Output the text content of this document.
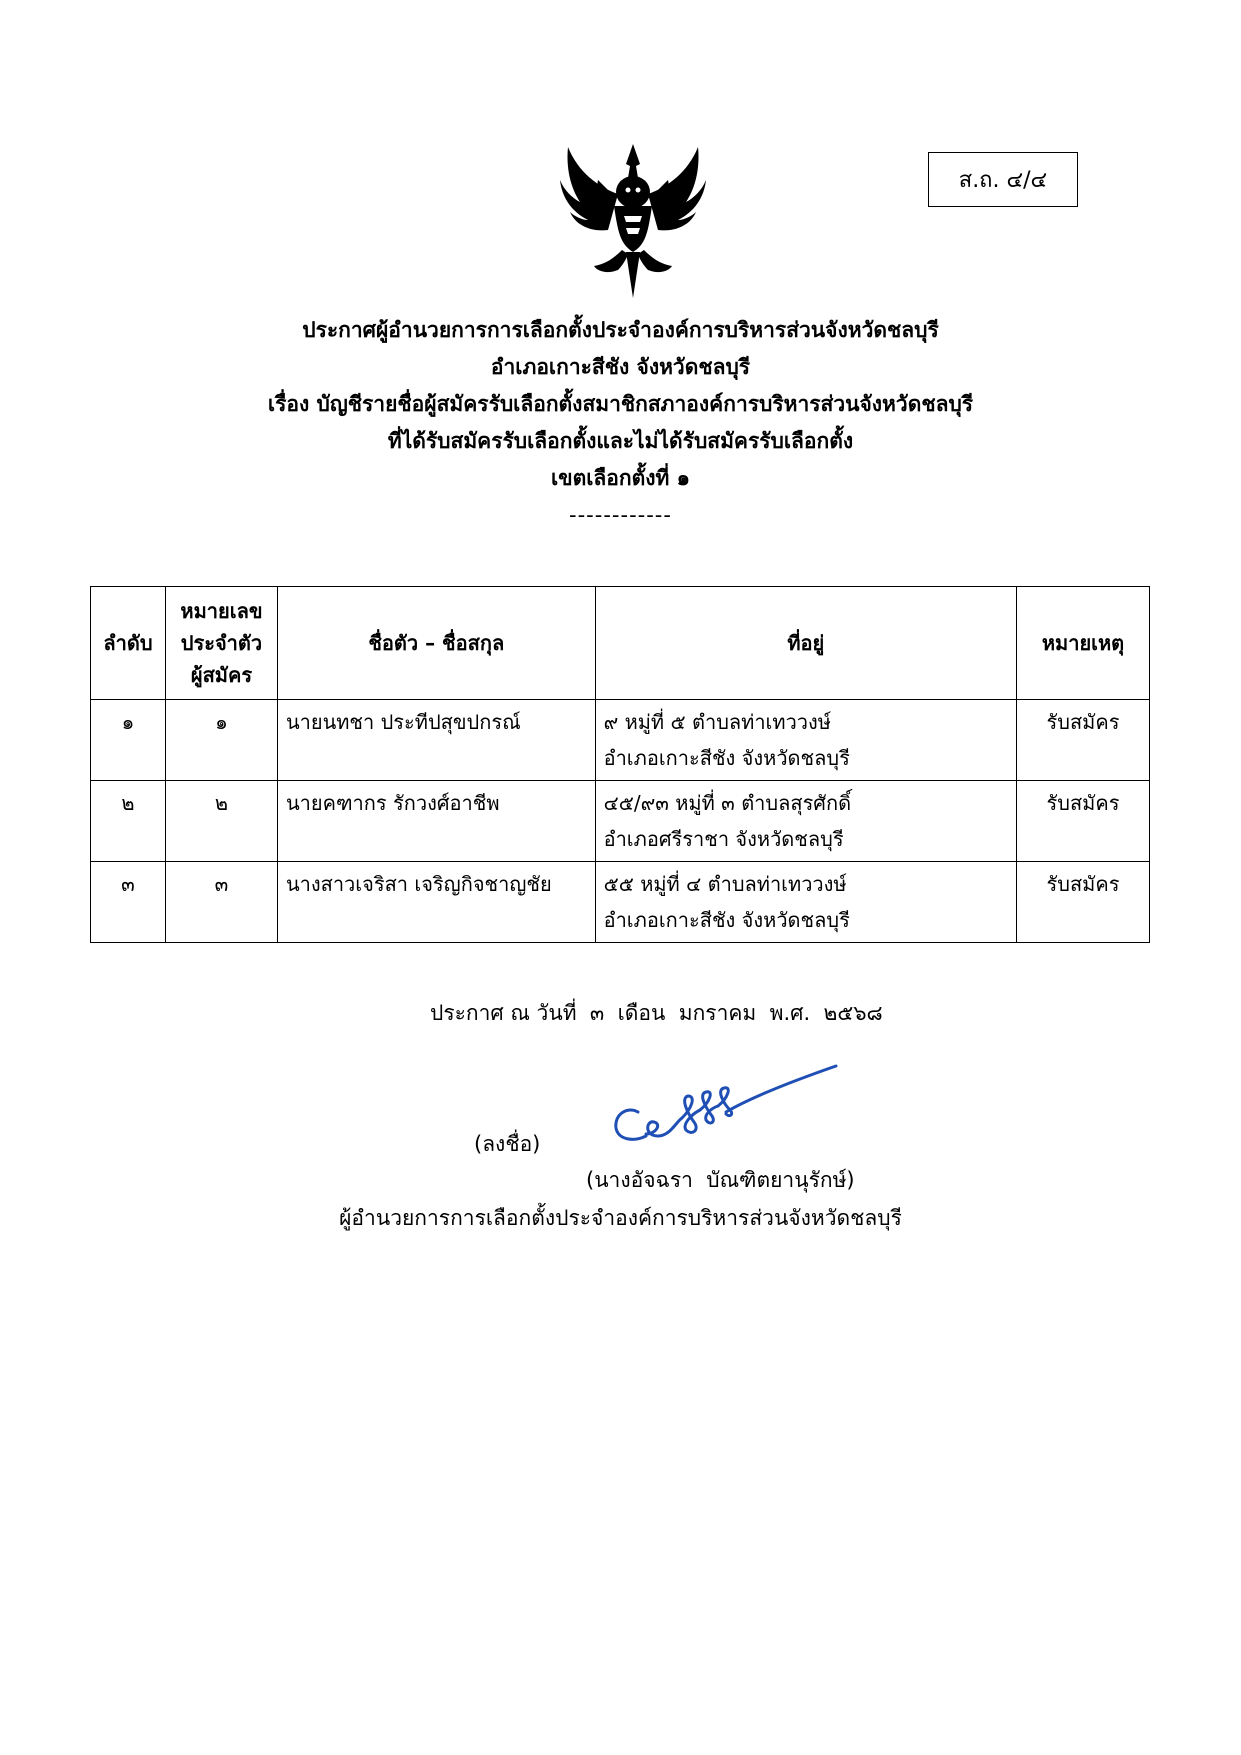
ส.ถ. ๔/๔
ประกาศผู้อำนวยการการเลือกตั้งประจำองค์การบริหารส่วนจังหวัดชลบุรี
อำเภอเกาะสีชัง จังหวัดชลบุรี
เรื่อง บัญชีรายชื่อผู้สมัครรับเลือกตั้งสมาชิกสภาองค์การบริหารส่วนจังหวัดชลบุรี
ที่ได้รับสมัครรับเลือกตั้งและไม่ได้รับสมัครรับเลือกตั้ง
เขตเลือกตั้งที่ ๑
------------
ลำดับ	หมายเลข
ประจำตัว
ผู้สมัคร	ชื่อตัว – ชื่อสกุล	ที่อยู่	หมายเหตุ
๑	๑	นายนทชา ประทีปสุขปกรณ์	๙ หมู่ที่ ๕ ตำบลท่าเทววงษ์
อำเภอเกาะสีชัง จังหวัดชลบุรี	รับสมัคร
๒	๒	นายคฑากร รักวงศ์อาชีพ	๔๕/๙๓ หมู่ที่ ๓ ตำบลสุรศักดิ์
อำเภอศรีราชา จังหวัดชลบุรี	รับสมัคร
๓	๓	นางสาวเจริสา เจริญกิจชาญชัย	๕๕ หมู่ที่ ๔ ตำบลท่าเทววงษ์
อำเภอเกาะสีชัง จังหวัดชลบุรี	รับสมัคร
ประกาศ ณ วันที่  ๓  เดือน  มกราคม  พ.ศ.  ๒๕๖๘
(ลงชื่อ)
(นางอัจฉรา  บัณฑิตยานุรักษ์)
ผู้อำนวยการการเลือกตั้งประจำองค์การบริหารส่วนจังหวัดชลบุรี
